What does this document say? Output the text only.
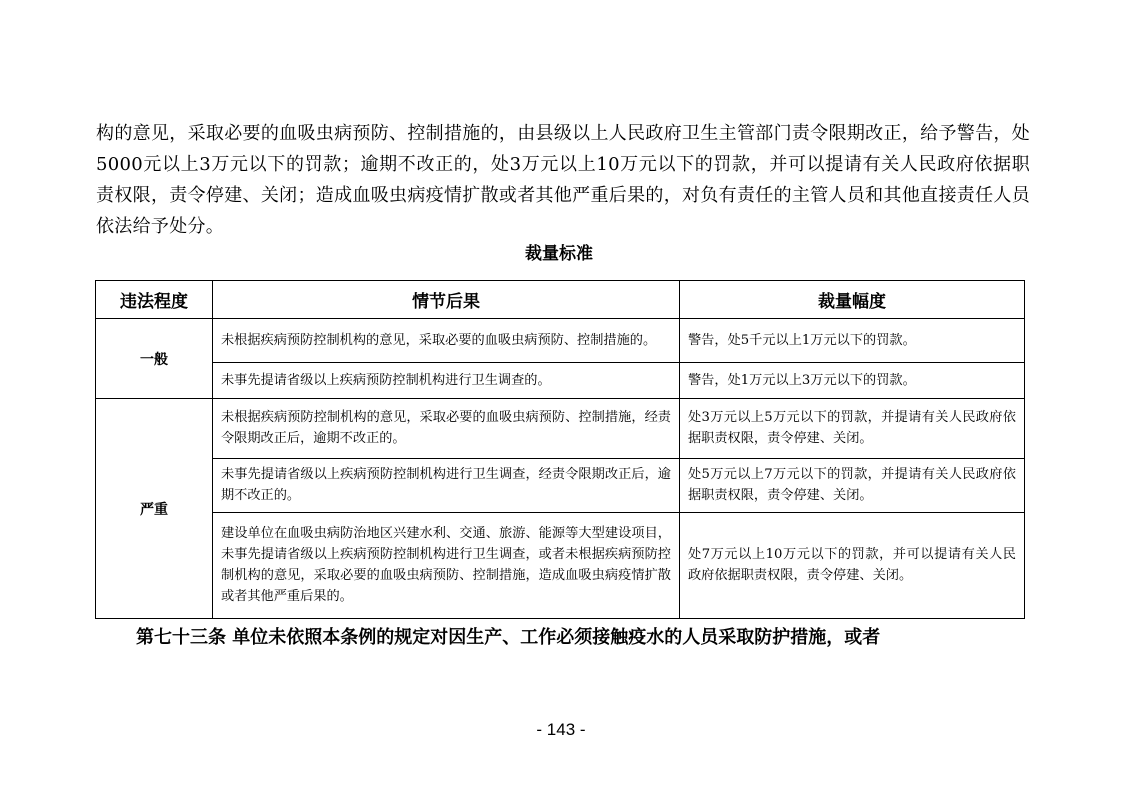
构的意见，采取必要的血吸虫病预防、控制措施的，由县级以上人民政府卫生主管部门责令限期改正，给予警告，处5000元以上3万元以下的罚款；逾期不改正的，处3万元以上10万元以下的罚款，并可以提请有关人民政府依据职责权限，责令停建、关闭；造成血吸虫病疫情扩散或者其他严重后果的，对负有责任的主管人员和其他直接责任人员依法给予处分。
裁量标准
违法程度	情节后果	裁量幅度
一般	未根据疾病预防控制机构的意见，采取必要的血吸虫病预防、控制措施的。	警告，处5千元以上1万元以下的罚款。
	未事先提请省级以上疾病预防控制机构进行卫生调查的。	警告，处1万元以上3万元以下的罚款。
严重	未根据疾病预防控制机构的意见，采取必要的血吸虫病预防、控制措施，经责令限期改正后，逾期不改正的。	处3万元以上5万元以下的罚款，并提请有关人民政府依据职责权限，责令停建、关闭。
	未事先提请省级以上疾病预防控制机构进行卫生调查，经责令限期改正后，逾期不改正的。	处5万元以上7万元以下的罚款，并提请有关人民政府依据职责权限，责令停建、关闭。
	建设单位在血吸虫病防治地区兴建水利、交通、旅游、能源等大型建设项目，未事先提请省级以上疾病预防控制机构进行卫生调查，或者未根据疾病预防控制机构的意见，采取必要的血吸虫病预防、控制措施，造成血吸虫病疫情扩散或者其他严重后果的。	处7万元以上10万元以下的罚款，并可以提请有关人民政府依据职责权限，责令停建、关闭。
第七十三条 单位未依照本条例的规定对因生产、工作必须接触疫水的人员采取防护措施，或者
- 143 -
